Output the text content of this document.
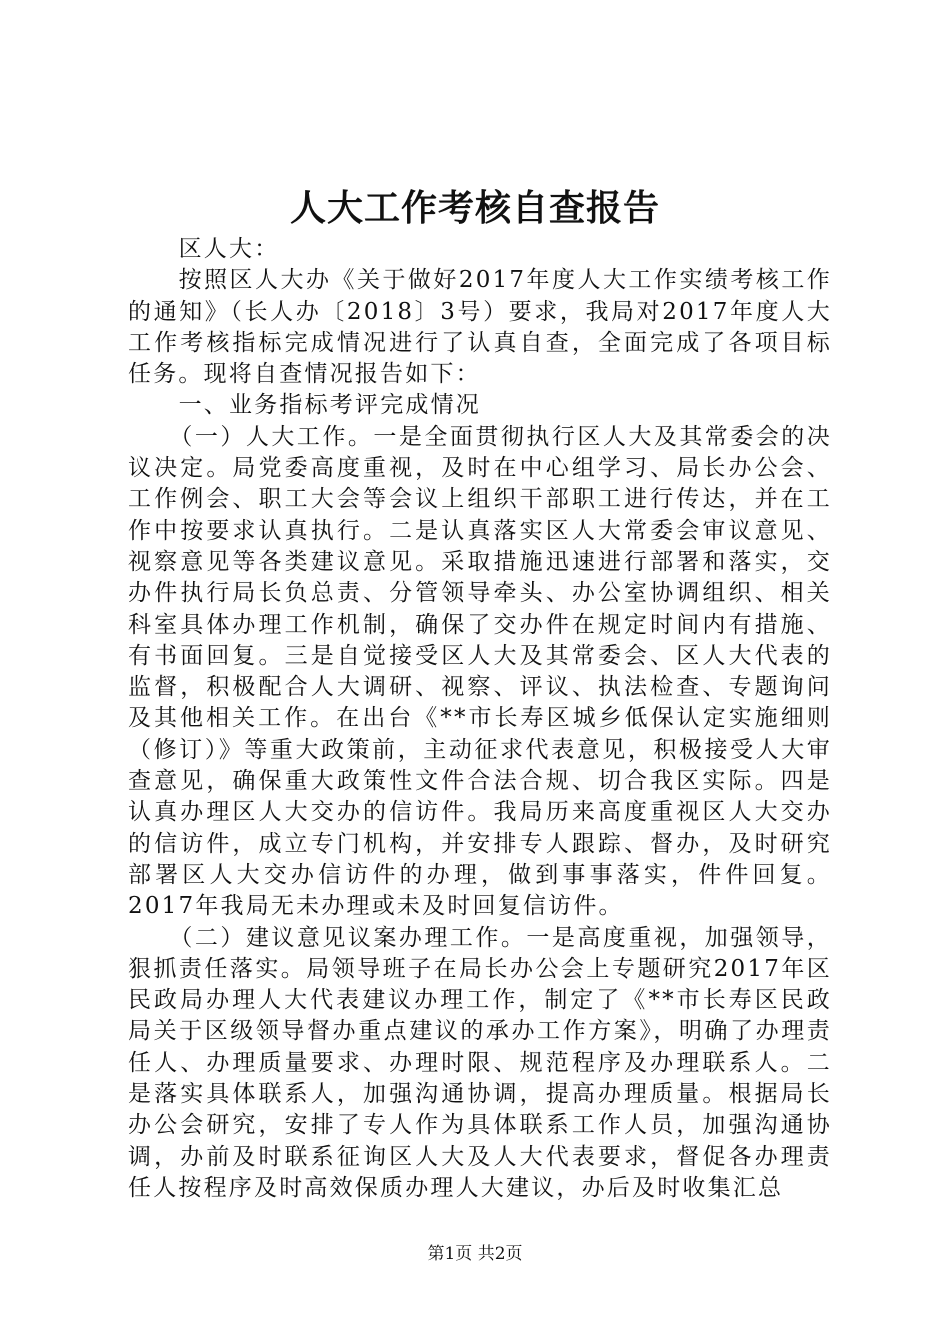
人大工作考核自查报告

区人大：

按照区人大办《关于做好2017年度人大工作实绩考核工作的通知》（长人办〔2018〕3号）要求，我局对2017年度人大工作考核指标完成情况进行了认真自查，全面完成了各项目标任务。现将自查情况报告如下：

一、业务指标考评完成情况

（一）人大工作。一是全面贯彻执行区人大及其常委会的决议决定。局党委高度重视，及时在中心组学习、局长办公会、工作例会、职工大会等会议上组织干部职工进行传达，并在工作中按要求认真执行。二是认真落实区人大常委会审议意见、视察意见等各类建议意见。采取措施迅速进行部署和落实，交办件执行局长负总责、分管领导牵头、办公室协调组织、相关科室具体办理工作机制，确保了交办件在规定时间内有措施、有书面回复。三是自觉接受区人大及其常委会、区人大代表的监督，积极配合人大调研、视察、评议、执法检查、专题询问及其他相关工作。在出台《**市长寿区城乡低保认定实施细则（修订）》等重大政策前，主动征求代表意见，积极接受人大审查意见，确保重大政策性文件合法合规、切合我区实际。四是认真办理区人大交办的信访件。我局历来高度重视区人大交办的信访件，成立专门机构，并安排专人跟踪、督办，及时研究部署区人大交办信访件的办理，做到事事落实，件件回复。2017年我局无未办理或未及时回复信访件。

（二）建议意见议案办理工作。一是高度重视，加强领导，狠抓责任落实。局领导班子在局长办公会上专题研究2017年区民政局办理人大代表建议办理工作，制定了《**市长寿区民政局关于区级领导督办重点建议的承办工作方案》，明确了办理责任人、办理质量要求、办理时限、规范程序及办理联系人。二是落实具体联系人，加强沟通协调，提高办理质量。根据局长办公会研究，安排了专人作为具体联系工作人员，加强沟通协调，办前及时联系征询区人大及人大代表要求，督促各办理责任人按程序及时高效保质办理人大建议，办后及时收集汇总

第1页 共2页
